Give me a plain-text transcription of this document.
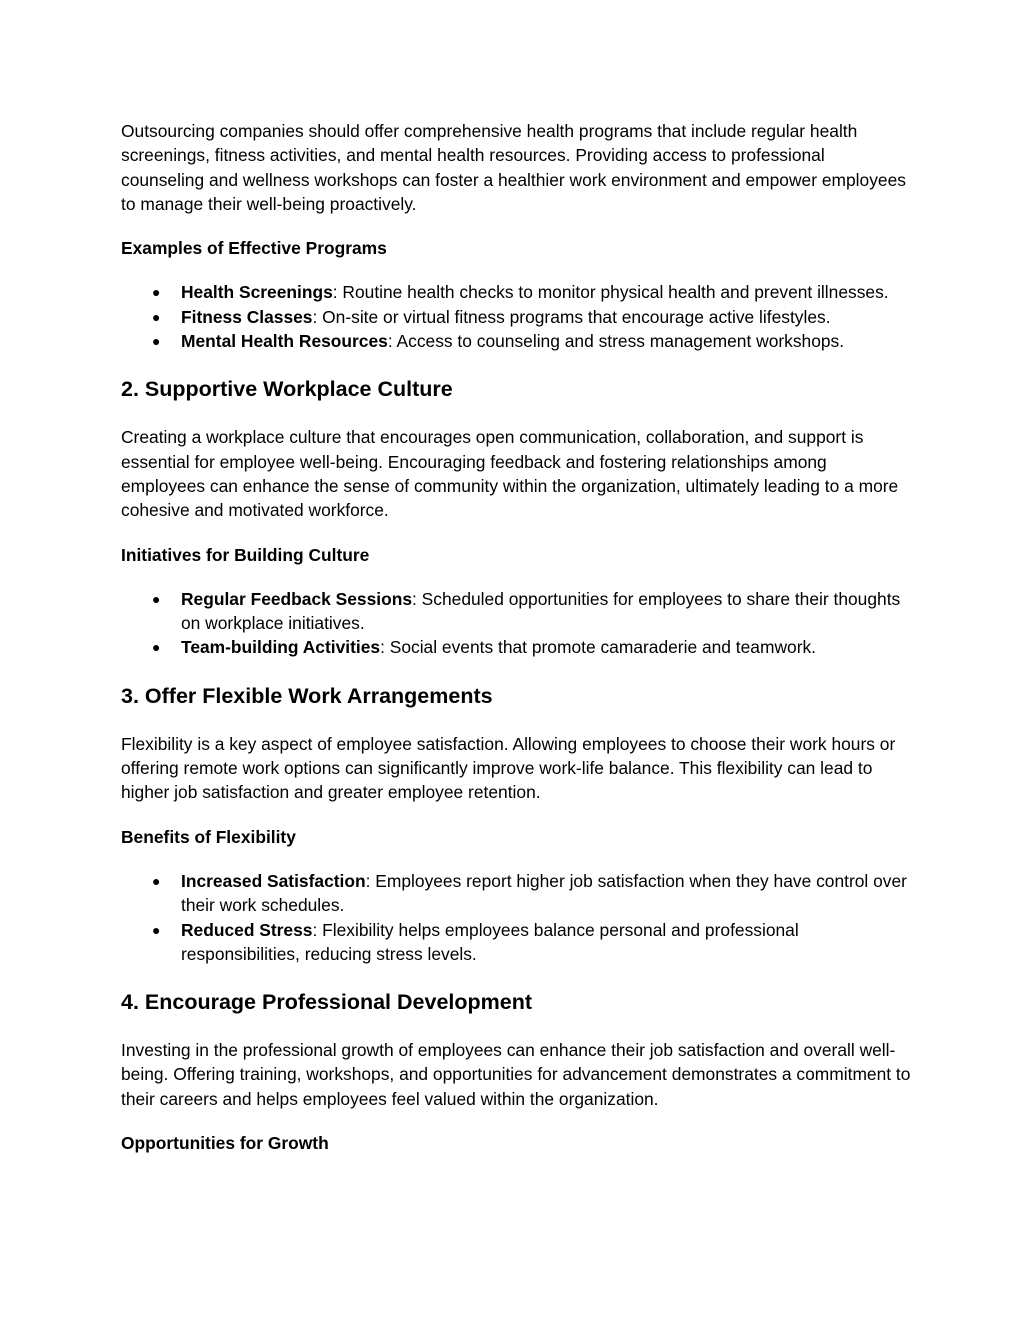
Outsourcing companies should offer comprehensive health programs that include regular health screenings, fitness activities, and mental health resources. Providing access to professional counseling and wellness workshops can foster a healthier work environment and empower employees to manage their well-being proactively.

Examples of Effective Programs

● Health Screenings: Routine health checks to monitor physical health and prevent illnesses.
● Fitness Classes: On-site or virtual fitness programs that encourage active lifestyles.
● Mental Health Resources: Access to counseling and stress management workshops.
2. Supportive Workplace Culture

Creating a workplace culture that encourages open communication, collaboration, and support is essential for employee well-being. Encouraging feedback and fostering relationships among employees can enhance the sense of community within the organization, ultimately leading to a more cohesive and motivated workforce.

Initiatives for Building Culture

● Regular Feedback Sessions: Scheduled opportunities for employees to share their thoughts on workplace initiatives.
● Team-building Activities: Social events that promote camaraderie and teamwork.
3. Offer Flexible Work Arrangements

Flexibility is a key aspect of employee satisfaction. Allowing employees to choose their work hours or offering remote work options can significantly improve work-life balance. This flexibility can lead to higher job satisfaction and greater employee retention.

Benefits of Flexibility

● Increased Satisfaction: Employees report higher job satisfaction when they have control over their work schedules.
● Reduced Stress: Flexibility helps employees balance personal and professional responsibilities, reducing stress levels.
4. Encourage Professional Development

Investing in the professional growth of employees can enhance their job satisfaction and overall well-being. Offering training, workshops, and opportunities for advancement demonstrates a commitment to their careers and helps employees feel valued within the organization.

Opportunities for Growth
